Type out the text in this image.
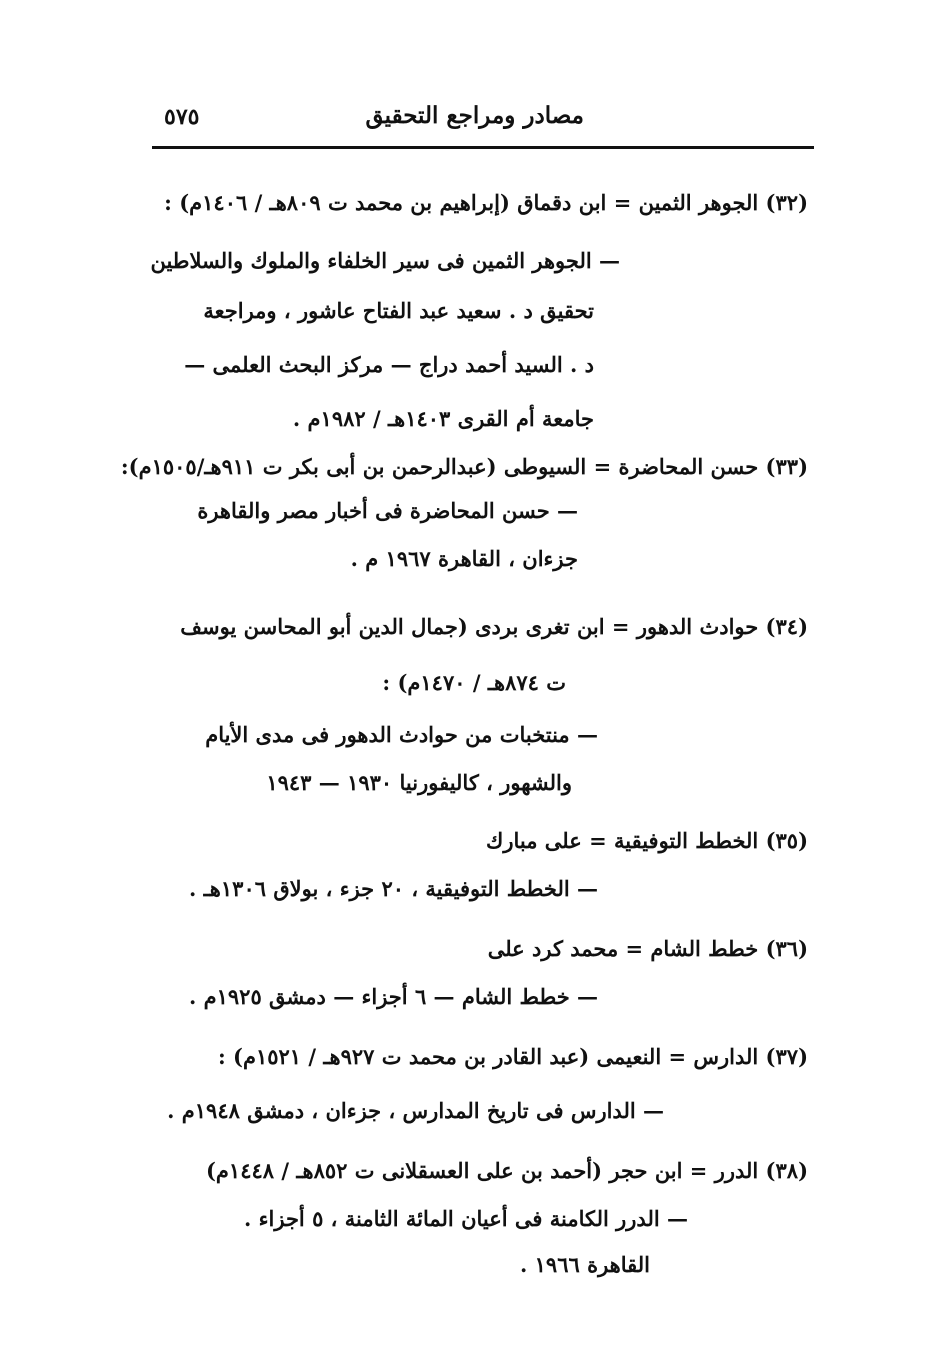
٥٧٥	مصادر ومراجع التحقيق
(٣٢) الجوهر الثمين = ابن دقماق (إبراهيم بن محمد ت ٨٠٩هـ / ١٤٠٦م) :
— الجوهر الثمين فى سير الخلفاء والملوك والسلاطين
تحقيق د . سعيد عبد الفتاح عاشور ، ومراجعة
د . السيد أحمد دراج — مركز البحث العلمى —
جامعة أم القرى ١٤٠٣هـ / ١٩٨٢م .
(٣٣) حسن المحاضرة = السيوطى (عبدالرحمن بن أبى بكر ت ٩١١هـ/١٥٠٥م):
— حسن المحاضرة فى أخبار مصر والقاهرة
جزءان ، القاهرة ١٩٦٧ م .
(٣٤) حوادث الدهور = ابن تغرى بردى (جمال الدين أبو المحاسن يوسف
ت ٨٧٤هـ / ١٤٧٠م) :
— منتخبات من حوادث الدهور فى مدى الأيام
والشهور ، كاليفورنيا ١٩٣٠ — ١٩٤٣
(٣٥) الخطط التوفيقية = على مبارك
— الخطط التوفيقية ، ٢٠ جزء ، بولاق ١٣٠٦هـ .
(٣٦) خطط الشام = محمد كرد على
— خطط الشام — ٦ أجزاء — دمشق ١٩٢٥م .
(٣٧) الدارس = النعيمى (عبد القادر بن محمد ت ٩٢٧هـ / ١٥٢١م) :
— الدارس فى تاريخ المدارس ، جزءان ، دمشق ١٩٤٨م .
(٣٨) الدرر = ابن حجر (أحمد بن على العسقلانى ت ٨٥٢هـ / ١٤٤٨م)
— الدرر الكامنة فى أعيان المائة الثامنة ، ٥ أجزاء .
القاهرة ١٩٦٦ .
